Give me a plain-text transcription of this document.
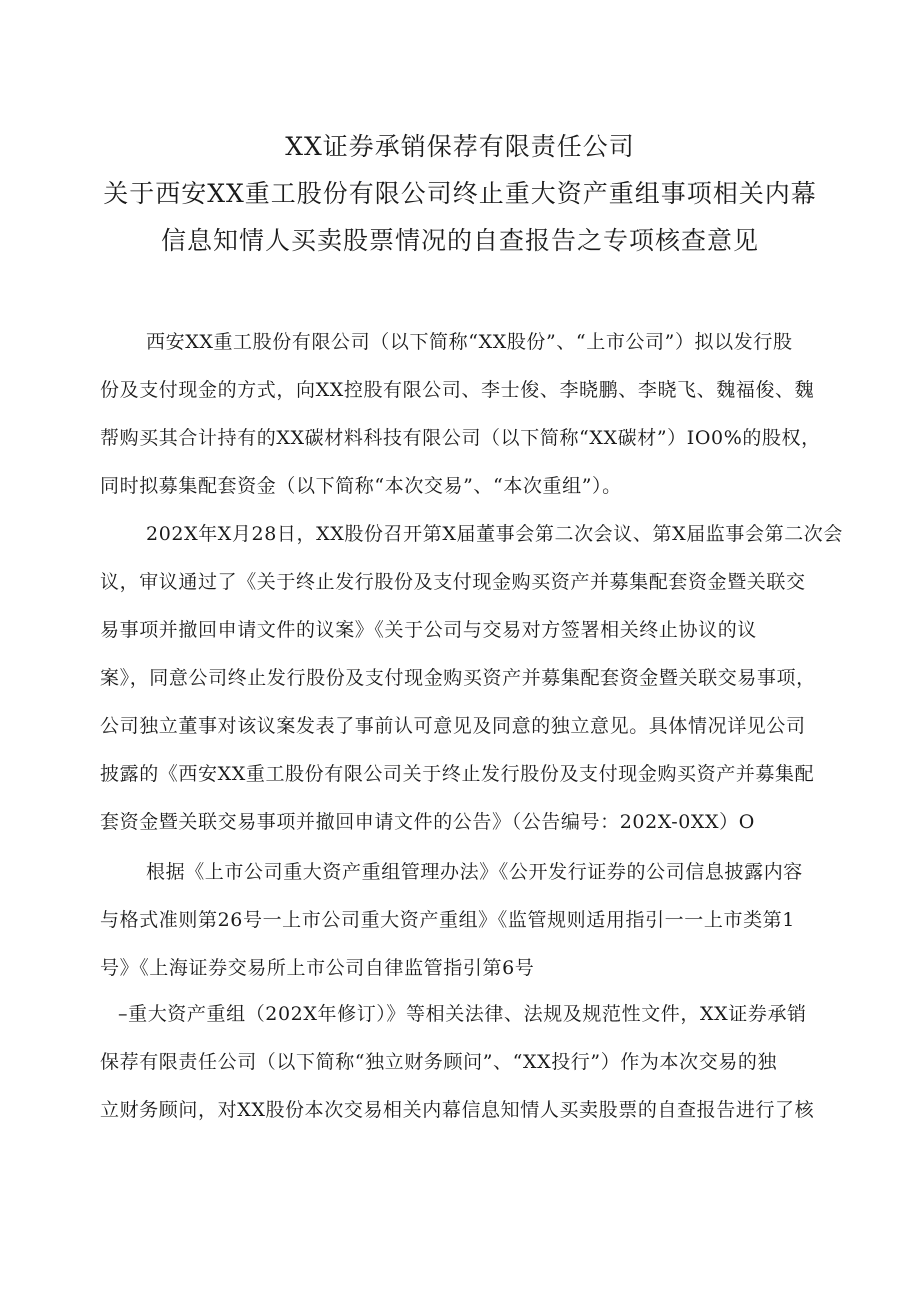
XX证券承销保荐有限责任公司
关于西安XX重工股份有限公司终止重大资产重组事项相关内幕
信息知情人买卖股票情况的自查报告之专项核查意见
西安XX重工股份有限公司（以下简称“XX股份”、“上市公司”）拟以发行股
份及支付现金的方式，向XX控股有限公司、李士俊、李晓鹏、李晓飞、魏福俊、魏
帮购买其合计持有的XX碳材料科技有限公司（以下简称“XX碳材”）IO0%的股权，
同时拟募集配套资金（以下简称“本次交易”、“本次重组”）。
202X年X月28日，XX股份召开第X届董事会第二次会议、第X届监事会第二次会
议，审议通过了《关于终止发行股份及支付现金购买资产并募集配套资金暨关联交
易事项并撤回申请文件的议案》《关于公司与交易对方签署相关终止协议的议
案》，同意公司终止发行股份及支付现金购买资产并募集配套资金暨关联交易事项，
公司独立董事对该议案发表了事前认可意见及同意的独立意见。具体情况详见公司
披露的《西安XX重工股份有限公司关于终止发行股份及支付现金购买资产并募集配
套资金暨关联交易事项并撤回申请文件的公告》（公告编号：202X-0XX）O
根据《上市公司重大资产重组管理办法》《公开发行证券的公司信息披露内容
与格式准则第26号一上市公司重大资产重组》《监管规则适用指引一一上市类第1
号》《上海证券交易所上市公司自律监管指引第6号
–重大资产重组（202X年修订）》等相关法律、法规及规范性文件，XX证券承销
保荐有限责任公司（以下简称“独立财务顾问”、“XX投行”）作为本次交易的独
立财务顾问，对XX股份本次交易相关内幕信息知情人买卖股票的自查报告进行了核
